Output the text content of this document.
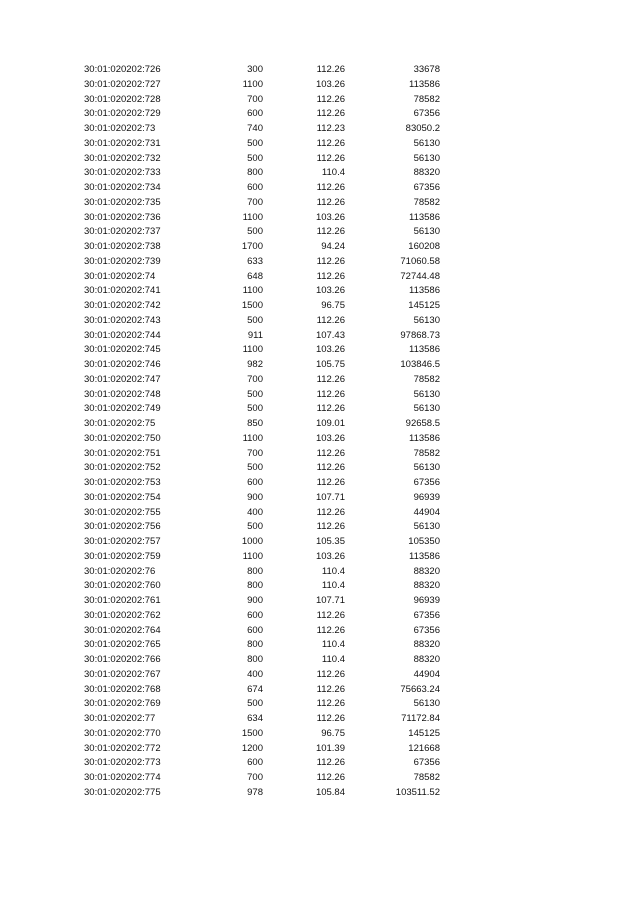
30:01:020202:726	300	112.26	33678
30:01:020202:727	1100	103.26	113586
30:01:020202:728	700	112.26	78582
30:01:020202:729	600	112.26	67356
30:01:020202:73	740	112.23	83050.2
30:01:020202:731	500	112.26	56130
30:01:020202:732	500	112.26	56130
30:01:020202:733	800	110.4	88320
30:01:020202:734	600	112.26	67356
30:01:020202:735	700	112.26	78582
30:01:020202:736	1100	103.26	113586
30:01:020202:737	500	112.26	56130
30:01:020202:738	1700	94.24	160208
30:01:020202:739	633	112.26	71060.58
30:01:020202:74	648	112.26	72744.48
30:01:020202:741	1100	103.26	113586
30:01:020202:742	1500	96.75	145125
30:01:020202:743	500	112.26	56130
30:01:020202:744	911	107.43	97868.73
30:01:020202:745	1100	103.26	113586
30:01:020202:746	982	105.75	103846.5
30:01:020202:747	700	112.26	78582
30:01:020202:748	500	112.26	56130
30:01:020202:749	500	112.26	56130
30:01:020202:75	850	109.01	92658.5
30:01:020202:750	1100	103.26	113586
30:01:020202:751	700	112.26	78582
30:01:020202:752	500	112.26	56130
30:01:020202:753	600	112.26	67356
30:01:020202:754	900	107.71	96939
30:01:020202:755	400	112.26	44904
30:01:020202:756	500	112.26	56130
30:01:020202:757	1000	105.35	105350
30:01:020202:759	1100	103.26	113586
30:01:020202:76	800	110.4	88320
30:01:020202:760	800	110.4	88320
30:01:020202:761	900	107.71	96939
30:01:020202:762	600	112.26	67356
30:01:020202:764	600	112.26	67356
30:01:020202:765	800	110.4	88320
30:01:020202:766	800	110.4	88320
30:01:020202:767	400	112.26	44904
30:01:020202:768	674	112.26	75663.24
30:01:020202:769	500	112.26	56130
30:01:020202:77	634	112.26	71172.84
30:01:020202:770	1500	96.75	145125
30:01:020202:772	1200	101.39	121668
30:01:020202:773	600	112.26	67356
30:01:020202:774	700	112.26	78582
30:01:020202:775	978	105.84	103511.52
